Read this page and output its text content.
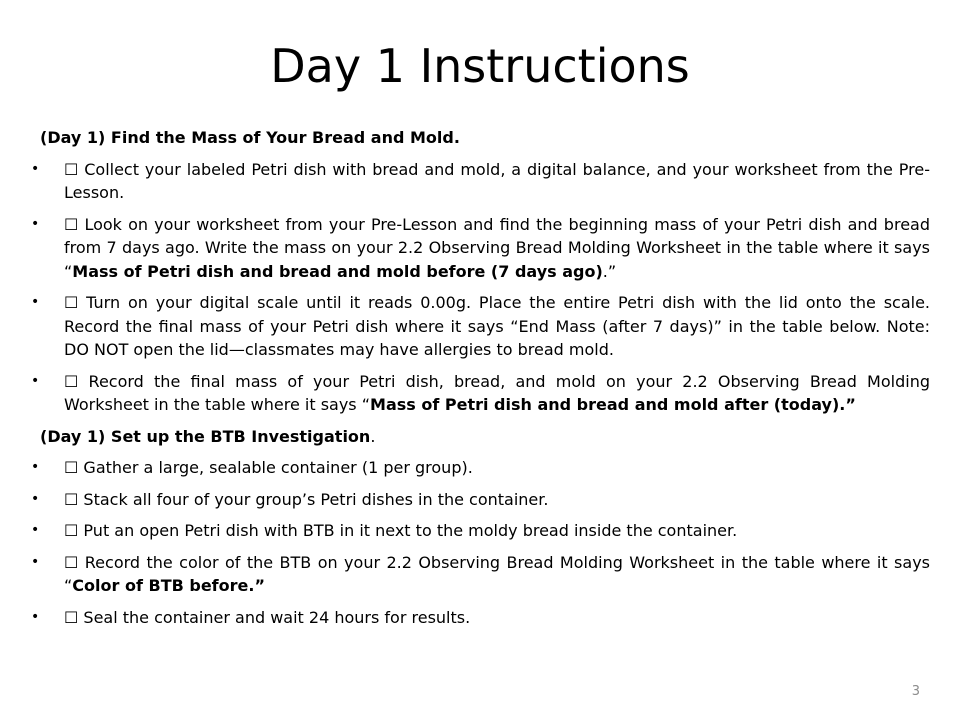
Day 1 Instructions

(Day 1) Find the Mass of Your Bread and Mold.

• ☐ Collect your labeled Petri dish with bread and mold, a digital balance, and your worksheet from the Pre-Lesson.
• ☐ Look on your worksheet from your Pre-Lesson and find the beginning mass of your Petri dish and bread from 7 days ago. Write the mass on your 2.2 Observing Bread Molding Worksheet in the table where it says “Mass of Petri dish and bread and mold before (7 days ago).”
• ☐ Turn on your digital scale until it reads 0.00g. Place the entire Petri dish with the lid onto the scale. Record the final mass of your Petri dish where it says “End Mass (after 7 days)” in the table below. Note: DO NOT open the lid—classmates may have allergies to bread mold.
• ☐ Record the final mass of your Petri dish, bread, and mold on your 2.2 Observing Bread Molding Worksheet in the table where it says “Mass of Petri dish and bread and mold after (today).”

(Day 1) Set up the BTB Investigation.

• ☐ Gather a large, sealable container (1 per group).
• ☐ Stack all four of your group’s Petri dishes in the container.
• ☐ Put an open Petri dish with BTB in it next to the moldy bread inside the container.
• ☐ Record the color of the BTB on your 2.2 Observing Bread Molding Worksheet in the table where it says “Color of BTB before.”
• ☐ Seal the container and wait 24 hours for results.
3
